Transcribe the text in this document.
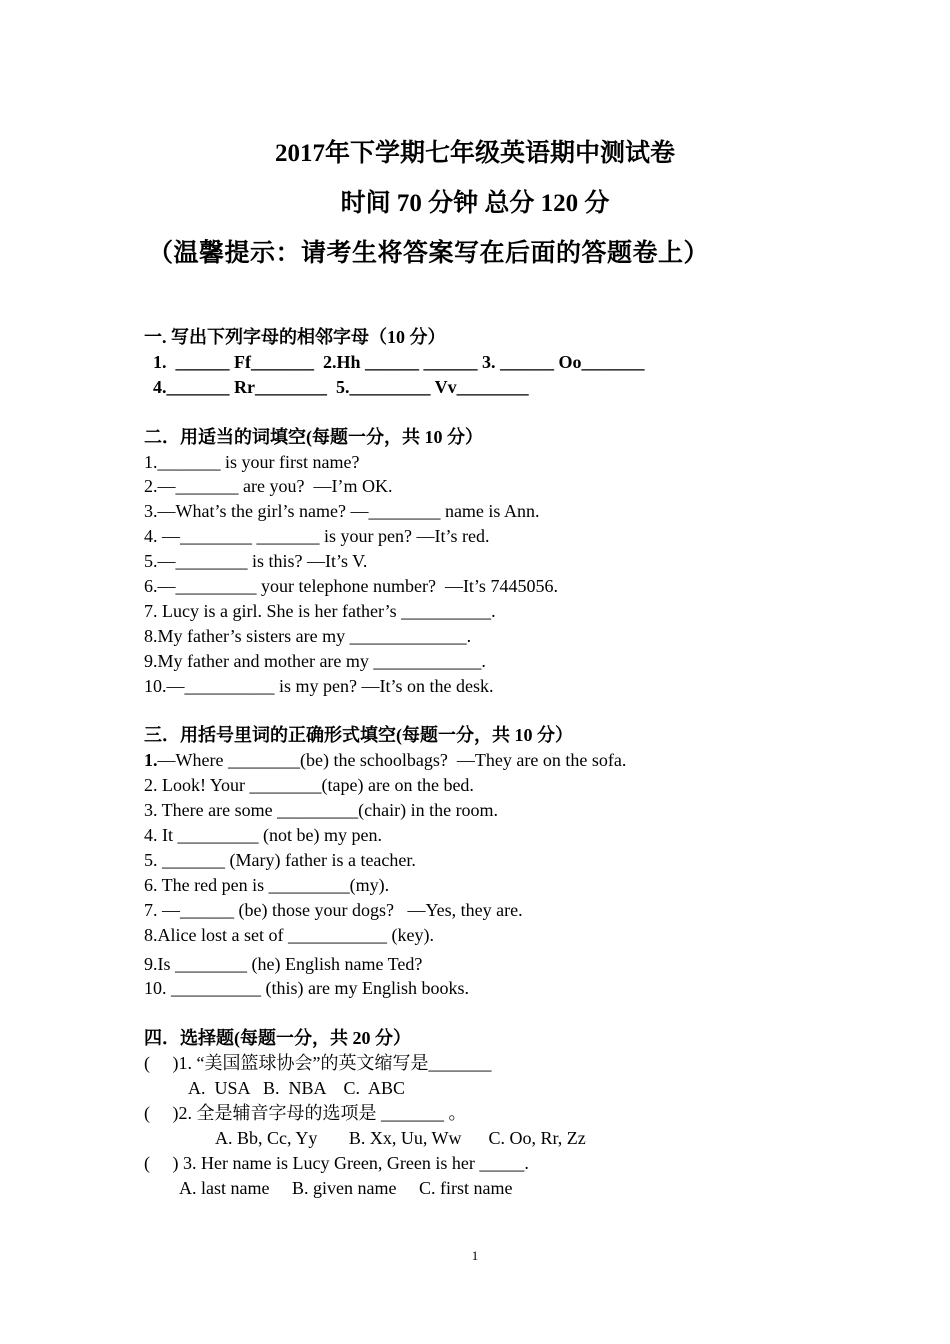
2017年下学期七年级英语期中测试卷
时间 70 分钟 总分 120 分
（温馨提示：请考生将答案写在后面的答题卷上）
一. 写出下列字母的相邻字母（10 分）
1.  ______ Ff_______  2.Hh ______ ______ 3. ______ Oo_______
4._______ Rr________  5._________ Vv________
二．用适当的词填空(每题一分，共 10 分）
1._______ is your first name?
2.—_______ are you?  —I’m OK.
3.—What’s the girl’s name? —________ name is Ann.
4. —________ _______ is your pen? —It’s red.
5.—________ is this? —It’s V.
6.—_________ your telephone number?  —It’s 7445056.
7. Lucy is a girl. She is her father’s __________.
8.My father’s sisters are my _____________.
9.My father and mother are my ____________.
10.—__________ is my pen? —It’s on the desk.
三．用括号里词的正确形式填空(每题一分，共 10 分）
1.—Where ________(be) the schoolbags?  —They are on the sofa.
2. Look! Your ________(tape) are on the bed.
3. There are some _________(chair) in the room.
4. It _________ (not be) my pen.
5. _______ (Mary) father is a teacher.
6. The red pen is _________(my).
7. —______ (be) those your dogs?   —Yes, they are.
8.Alice lost a set of ___________ (key).
9.Is ________ (he) English name Ted?
10. __________ (this) are my English books.
四．选择题(每题一分，共 20 分）
(     )1. “美国篮球协会”的英文缩写是_______
A.  USA   B.  NBA    C.  ABC
(     )2. 全是辅音字母的选项是 _______ 。
A. Bb, Cc, Yy       B. Xx, Uu, Ww      C. Oo, Rr, Zz
(     ) 3. Her name is Lucy Green, Green is her _____.
A. last name     B. given name     C. first name
1
